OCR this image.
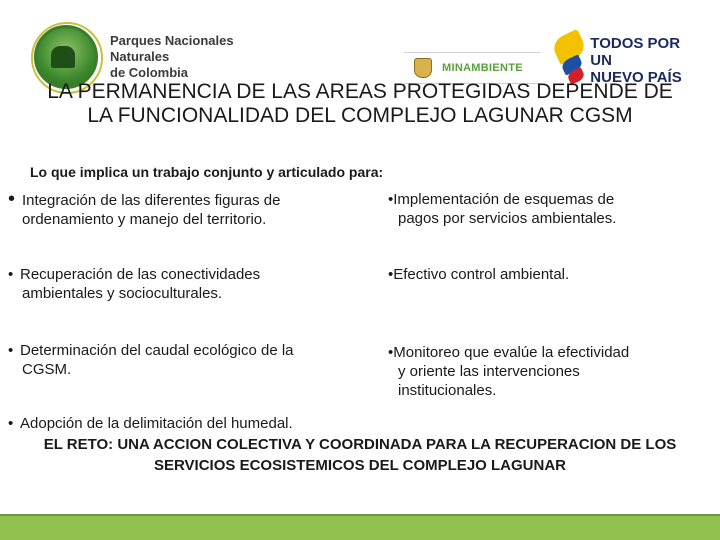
Parques Nacionales Naturales
de Colombia	MINAMBIENTE
TODOS POR UN
NUEVO PAÍS
LA PERMANENCIA DE LAS AREAS PROTEGIDAS DEPENDE DE LA FUNCIONALIDAD DEL COMPLEJO LAGUNAR CGSM
Lo que implica un trabajo conjunto y articulado para:
• Integración de las diferentes figuras de
ordenamiento y manejo del territorio.
•Implementación de esquemas de
pagos por servicios ambientales.
• Recuperación de las conectividades
ambientales y socioculturales.
•Efectivo control ambiental.
• Determinación del caudal ecológico de la
CGSM.
•Monitoreo que evalúe la efectividad
y oriente las intervenciones
institucionales.
• Adopción de la delimitación del humedal.
EL RETO: UNA ACCION COLECTIVA Y COORDINADA PARA LA RECUPERACION DE LOS SERVICIOS ECOSISTEMICOS DEL COMPLEJO LAGUNAR
